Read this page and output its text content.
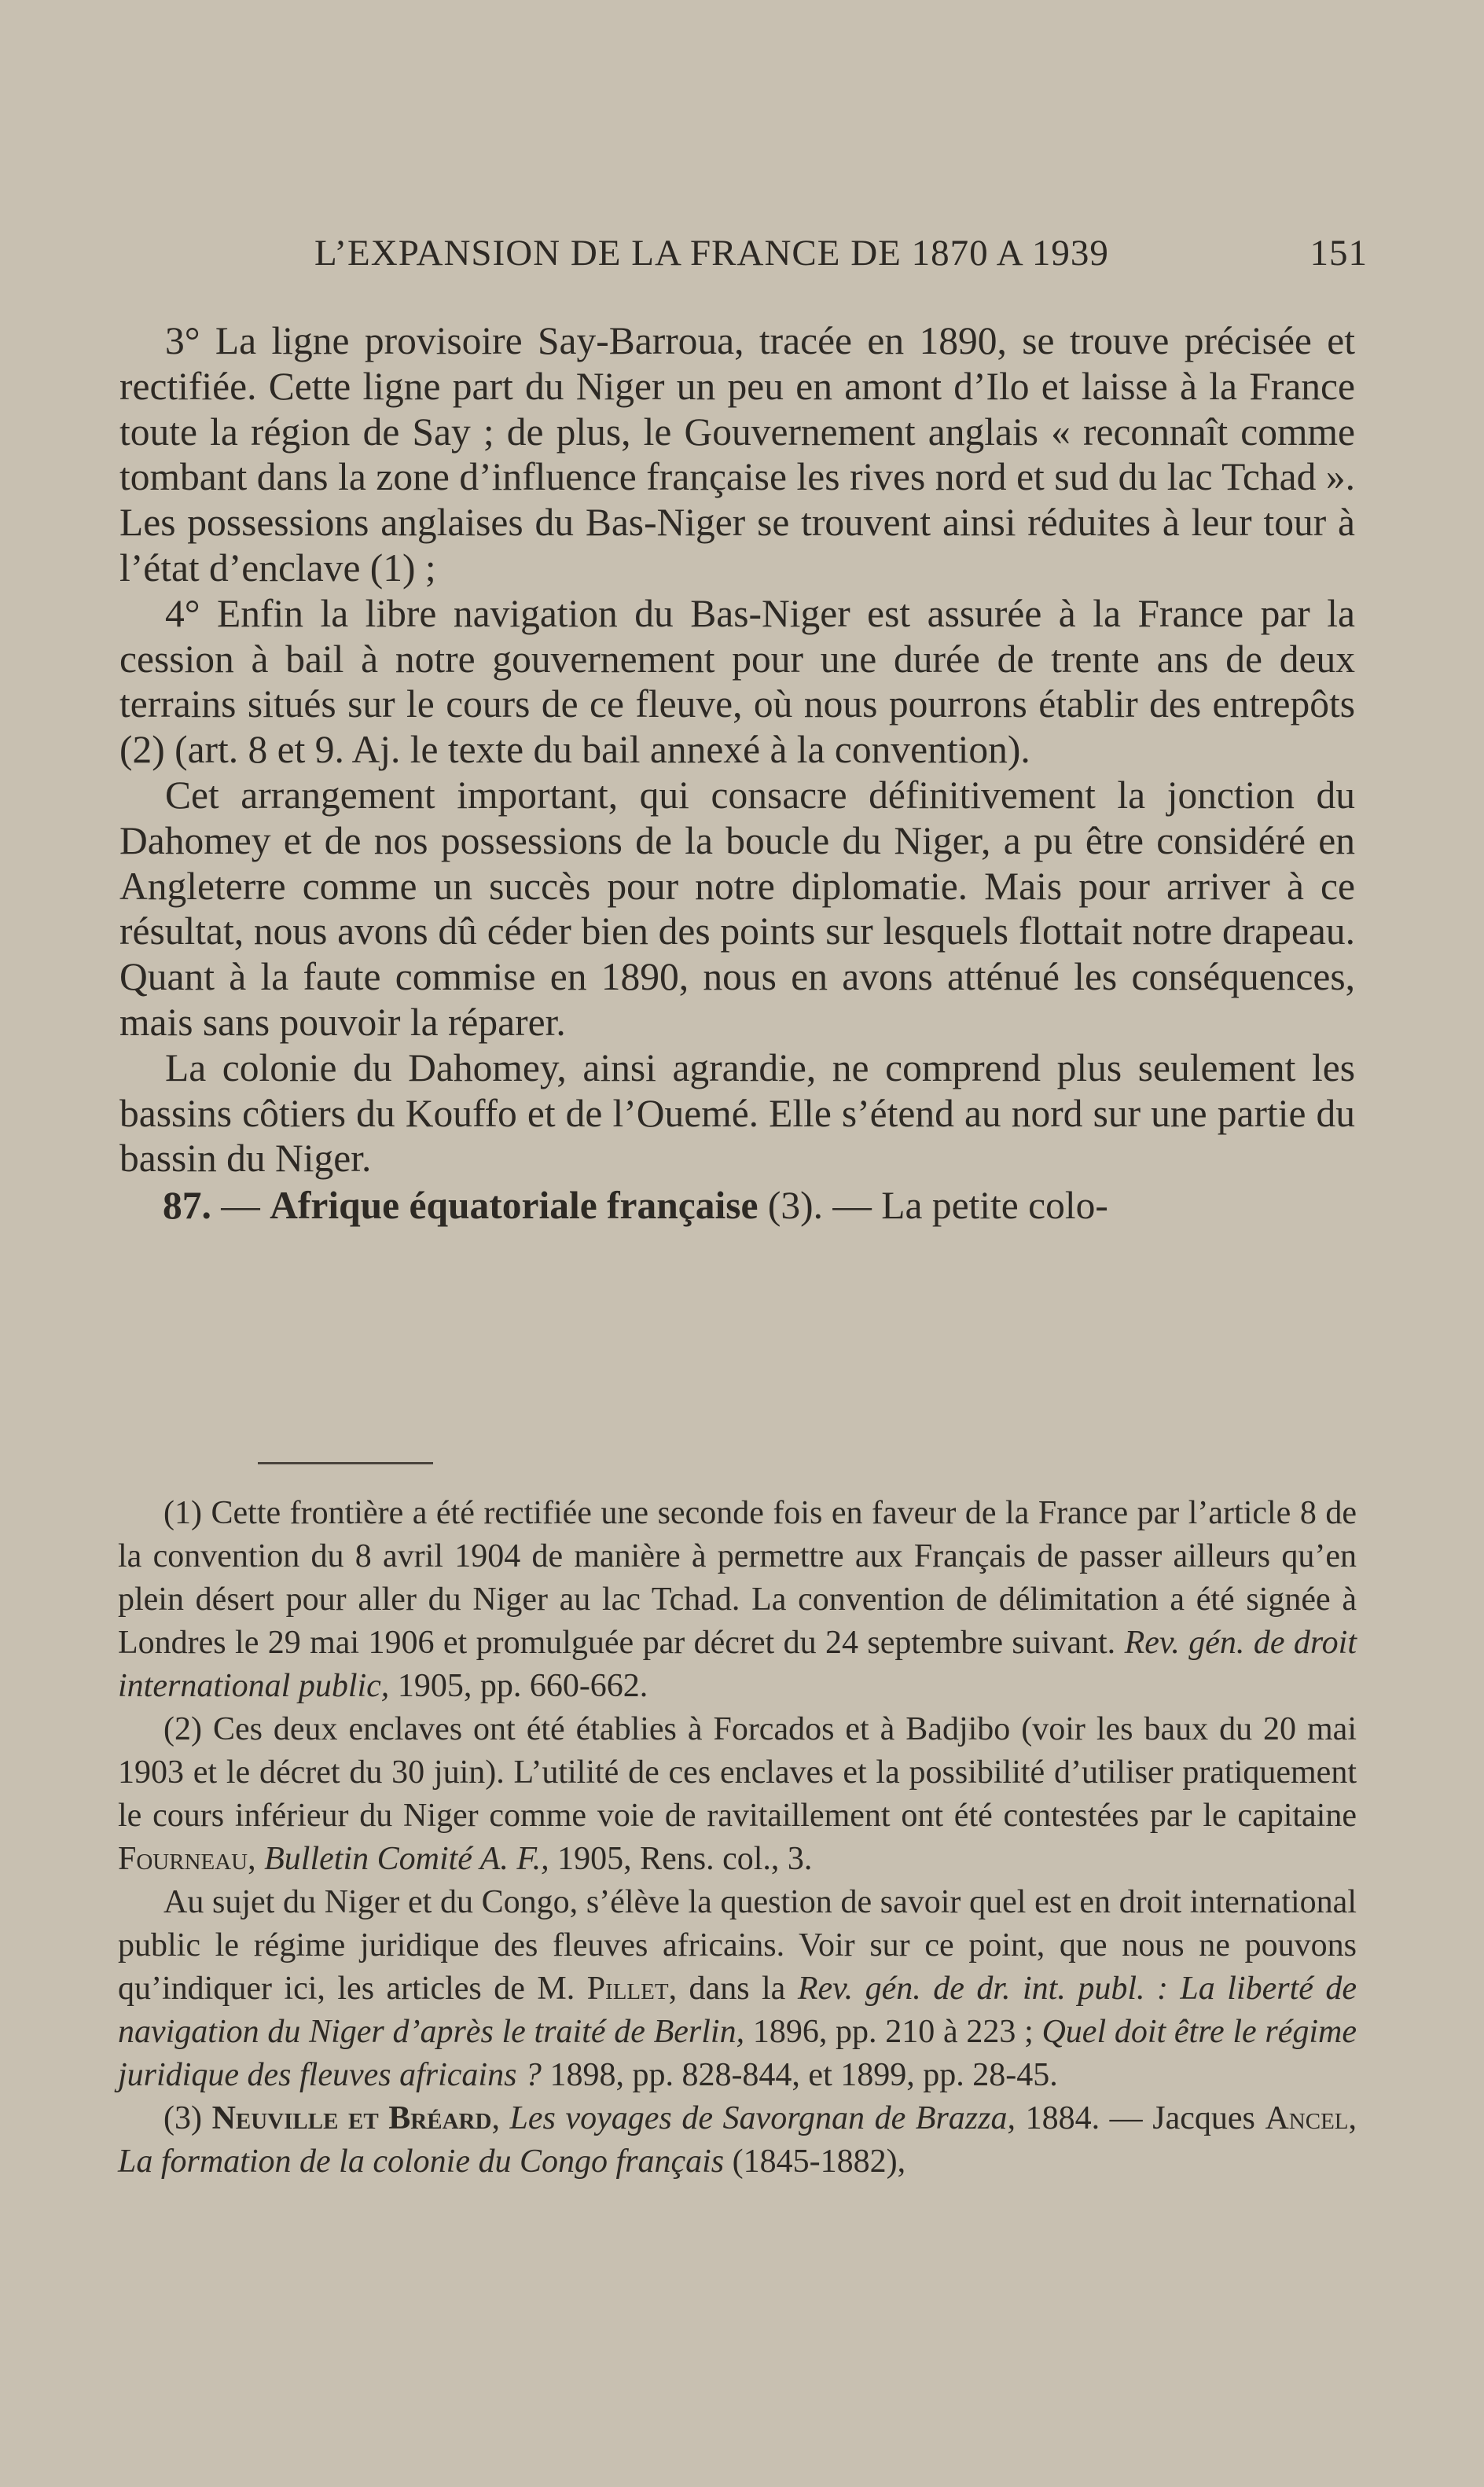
L’EXPANSION DE LA FRANCE DE 1870 A 1939	151

3° La ligne provisoire Say-Barroua, tracée en 1890, se trouve précisée et rectifiée. Cette ligne part du Niger un peu en amont d’Ilo et laisse à la France toute la région de Say ; de plus, le Gouvernement anglais « reconnaît comme tombant dans la zone d’influence française les rives nord et sud du lac Tchad ». Les possessions anglaises du Bas-Niger se trouvent ainsi réduites à leur tour à l’état d’enclave (1) ;

4° Enfin la libre navigation du Bas-Niger est assurée à la France par la cession à bail à notre gouvernement pour une durée de trente ans de deux terrains situés sur le cours de ce fleuve, où nous pourrons établir des entrepôts (2) (art. 8 et 9. Aj. le texte du bail annexé à la convention).

Cet arrangement important, qui consacre définitivement la jonction du Dahomey et de nos possessions de la boucle du Niger, a pu être considéré en Angleterre comme un succès pour notre diplomatie. Mais pour arriver à ce résultat, nous avons dû céder bien des points sur lesquels flottait notre drapeau. Quant à la faute commise en 1890, nous en avons atténué les conséquences, mais sans pouvoir la réparer.

La colonie du Dahomey, ainsi agrandie, ne comprend plus seulement les bassins côtiers du Kouffo et de l’Ouemé. Elle s’étend au nord sur une partie du bassin du Niger.

87. — Afrique équatoriale française (3). — La petite colo-

(1) Cette frontière a été rectifiée une seconde fois en faveur de la France par l’article 8 de la convention du 8 avril 1904 de manière à permettre aux Français de passer ailleurs qu’en plein désert pour aller du Niger au lac Tchad. La convention de délimitation a été signée à Londres le 29 mai 1906 et promulguée par décret du 24 septembre suivant. Rev. gén. de droit international public, 1905, pp. 660-662.

(2) Ces deux enclaves ont été établies à Forcados et à Badjibo (voir les baux du 20 mai 1903 et le décret du 30 juin). L’utilité de ces enclaves et la possibilité d’utiliser pratiquement le cours inférieur du Niger comme voie de ravitaillement ont été contestées par le capitaine Fourneau, Bulletin Comité A. F., 1905, Rens. col., 3.

Au sujet du Niger et du Congo, s’élève la question de savoir quel est en droit international public le régime juridique des fleuves africains. Voir sur ce point, que nous ne pouvons qu’indiquer ici, les articles de M. Pillet, dans la Rev. gén. de dr. int. publ. : La liberté de navigation du Niger d’après le traité de Berlin, 1896, pp. 210 à 223 ; Quel doit être le régime juridique des fleuves africains ? 1898, pp. 828-844, et 1899, pp. 28-45.

(3) Neuville et Bréard, Les voyages de Savorgnan de Brazza, 1884. — Jacques Ancel, La formation de la colonie du Congo français (1845-1882),
